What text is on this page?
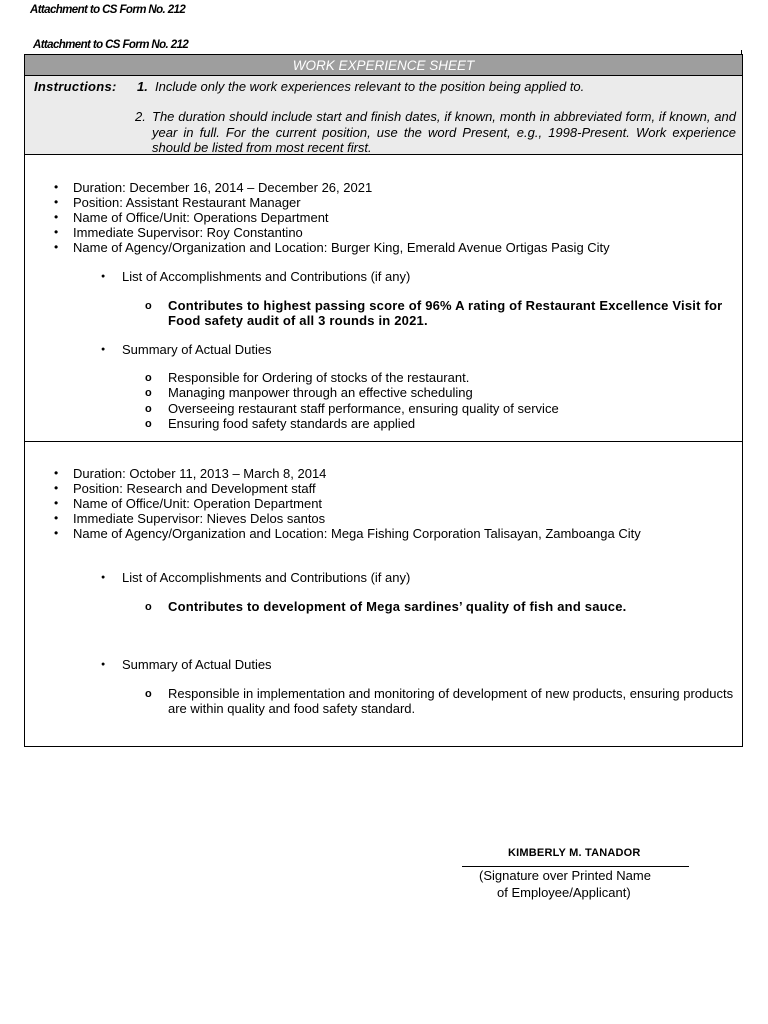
Attachment to CS Form No. 212
Attachment to CS Form No. 212
WORK EXPERIENCE SHEET
Instructions: 1. Include only the work experiences relevant to the position being applied to.
2. The duration should include start and finish dates, if known, month in abbreviated form, if known, and year in full. For the current position, use the word Present, e.g., 1998-Present. Work experience should be listed from most recent first.
• Duration: December 16, 2014 – December 26, 2021
• Position: Assistant Restaurant Manager
• Name of Office/Unit: Operations Department
• Immediate Supervisor: Roy Constantino
• Name of Agency/Organization and Location: Burger King, Emerald Avenue Ortigas Pasig City
● List of Accomplishments and Contributions (if any)
o Contributes to highest passing score of 96% A rating of Restaurant Excellence Visit for Food safety audit of all 3 rounds in 2021.
● Summary of Actual Duties
o Responsible for Ordering of stocks of the restaurant.
o Managing manpower through an effective scheduling
o Overseeing restaurant staff performance, ensuring quality of service
o Ensuring food safety standards are applied
• Duration: October 11, 2013 – March 8, 2014
• Position: Research and Development staff
• Name of Office/Unit: Operation Department
• Immediate Supervisor: Nieves Delos santos
• Name of Agency/Organization and Location: Mega Fishing Corporation Talisayan, Zamboanga City
● List of Accomplishments and Contributions (if any)
o Contributes to development of Mega sardines’ quality of fish and sauce.
● Summary of Actual Duties
o Responsible in implementation and monitoring of development of new products, ensuring products are within quality and food safety standard.
KIMBERLY M. TANADOR
(Signature over Printed Name
of Employee/Applicant)
